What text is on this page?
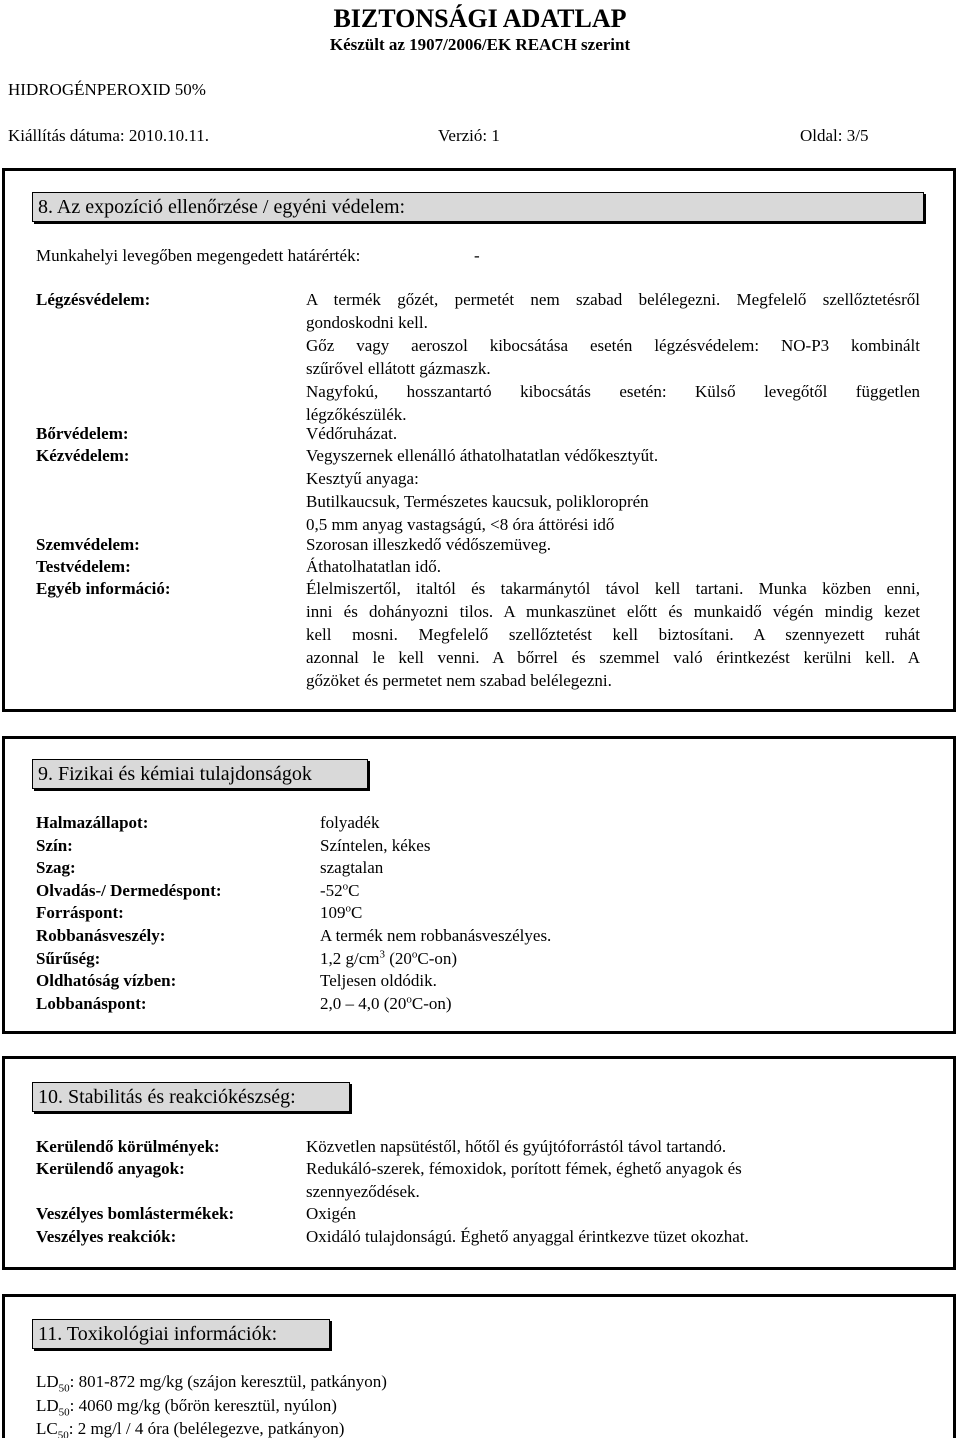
BIZTONSÁGI ADATLAP
Készült az 1907/2006/EK REACH szerint
HIDROGÉNPEROXID 50%
Kiállítás dátuma: 2010.10.11.	Verzió: 1	Oldal: 3/5
8. Az expozíció ellenőrzése / egyéni védelem:
Munkahelyi levegőben megengedett határérték:	-
Légzésvédelem:	A termék gőzét, permetét nem szabad belélegezni. Megfelelő szellőztetésről
gondoskodni kell.
Gőz vagy aeroszol kibocsátása esetén légzésvédelem: NO-P3 kombinált
szűrővel ellátott gázmaszk.
Nagyfokú, hosszantartó kibocsátás esetén: Külső levegőtől független
légzőkészülék.
Bőrvédelem:	Védőruházat.
Kézvédelem:	Vegyszernek ellenálló áthatolhatatlan védőkesztyűt.
Kesztyű anyaga:
Butilkaucsuk, Természetes kaucsuk, polikloroprén
0,5 mm anyag vastagságú, <8 óra áttörési idő
Szemvédelem:	Szorosan illeszkedő védőszemüveg.
Testvédelem:	Áthatolhatatlan idő.
Egyéb információ:	Élelmiszertől, italtól és takarmánytól távol kell tartani. Munka közben enni,
inni és dohányozni tilos. A munkaszünet előtt és munkaidő végén mindig kezet
kell mosni. Megfelelő szellőztetést kell biztosítani. A szennyezett ruhát
azonnal le kell venni. A bőrrel és szemmel való érintkezést kerülni kell. A
gőzöket és permetet nem szabad belélegezni.
9. Fizikai és kémiai tulajdonságok
Halmazállapot:	folyadék
Szín:	Színtelen, kékes
Szag:	szagtalan
Olvadás-/ Dermedéspont:	-52$^o$C
Forráspont:	109$^o$C
Robbanásveszély:	A termék nem robbanásveszélyes.
Sűrűség:	1,2 $g/cm^3$ (20$^o$C-on)
Oldhatóság vízben:	Teljesen oldódik.
Lobbanáspont:	2,0 – 4,0 (20$^o$C-on)
10. Stabilitás és reakciókészség:
Kerülendő körülmények:	Közvetlen napsütéstől, hőtől és gyújtóforrástól távol tartandó.
Kerülendő anyagok:	Redukáló-szerek, fémoxidok, porított fémek, éghető anyagok és
szennyeződések.
Veszélyes bomlástermékek:	Oxigén
Veszélyes reakciók:	Oxidáló tulajdonságú. Éghető anyaggal érintkezve tüzet okozhat.
11. Toxikológiai információk:
$LD_{50}$: 801-872 mg/kg (szájon keresztül, patkányon)
$LD_{50}$: 4060 mg/kg (bőrön keresztül, nyúlon)
$LC_{50}$: 2 mg/l / 4 óra (belélegezve, patkányon)
